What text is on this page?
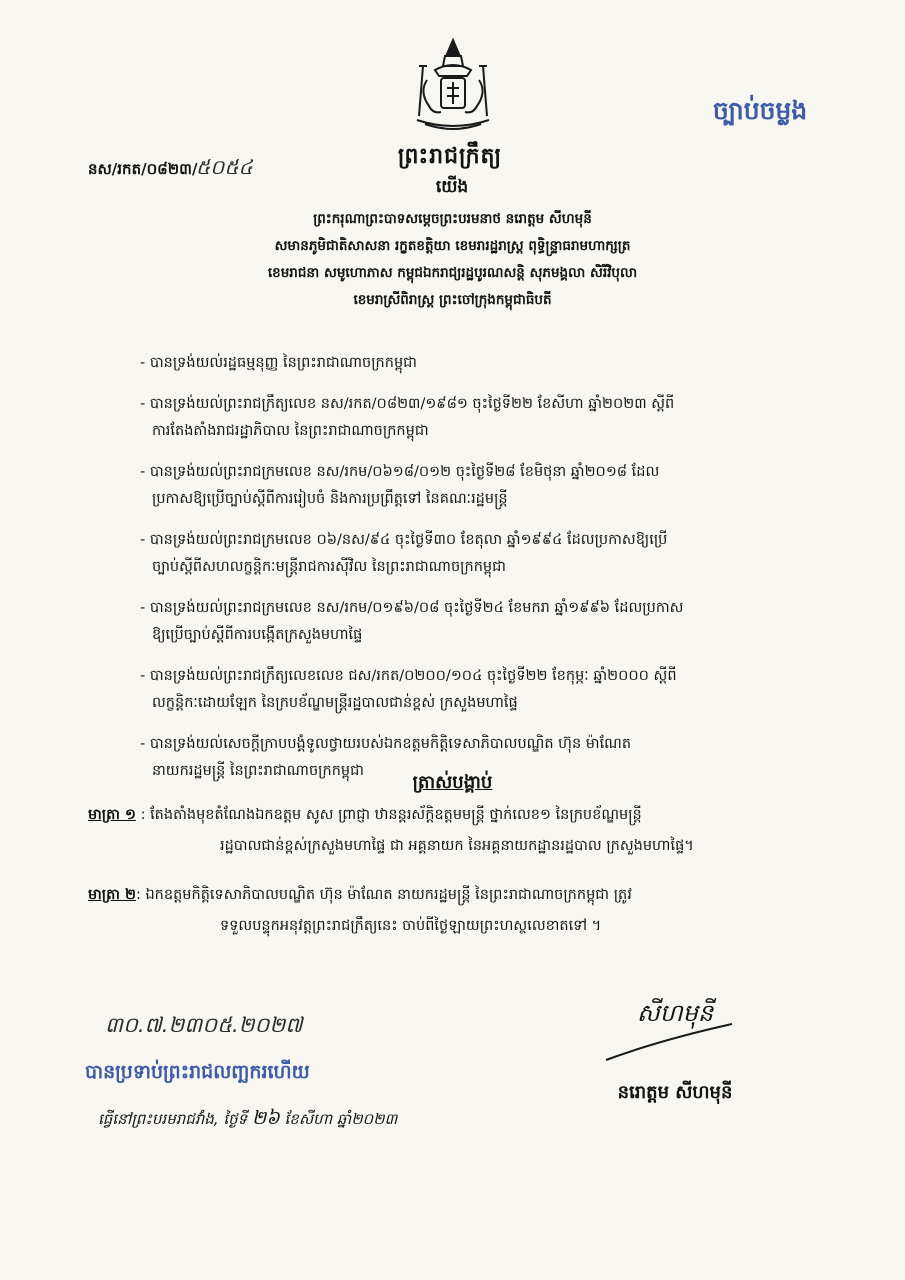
ច្បាប់ចម្លង
ព្រះរាជក្រឹត្យ
នស/រកត/០៨២៣/
៥០៥៤
យើង
ព្រះករុណាព្រះបាទសម្ដេចព្រះបរមនាថ នរោត្តម សីហមុនី
សមានភូមិជាតិសាសនា រក្ខតខត្តិយា ខេមរារដ្ឋរាស្ត្រ ពុទ្ធិន្ទ្រាធរាមហាក្សត្រ
ខេមរាជនា សមូហោភាស កម្ពុជឯករាជ្យរដ្ឋបូរណសន្តិ សុភមង្គលា សិរីវិបុលា
ខេមរាស្រីពិរាស្ត្រ ព្រះចៅក្រុងកម្ពុជាធិបតី
- បានទ្រង់យល់រដ្ឋធម្មនុញ្ញ នៃព្រះរាជាណាចក្រកម្ពុជា
- បានទ្រង់យល់ព្រះរាជក្រឹត្យលេខ នស/រកត/០៨២៣/១៩៨១ ចុះថ្ងៃទី២២ ខែសីហា ឆ្នាំ២០២៣ ស្ដីពី
ការតែងតាំងរាជរដ្ឋាភិបាល នៃព្រះរាជាណាចក្រកម្ពុជា
- បានទ្រង់យល់ព្រះរាជក្រមលេខ នស/រកម/០៦១៨/០១២ ចុះថ្ងៃទី២៨ ខែមិថុនា ឆ្នាំ២០១៨ ដែល
ប្រកាសឱ្យប្រើច្បាប់ស្ដីពីការរៀបចំ និងការប្រព្រឹត្តទៅ នៃគណៈរដ្ឋមន្ត្រី
- បានទ្រង់យល់ព្រះរាជក្រមលេខ ០៦/នស/៩៤ ចុះថ្ងៃទី៣០ ខែតុលា ឆ្នាំ១៩៩៤ ដែលប្រកាសឱ្យប្រើ
ច្បាប់ស្ដីពីសហលក្ខន្តិកៈមន្ត្រីរាជការស៊ីវិល នៃព្រះរាជាណាចក្រកម្ពុជា
- បានទ្រង់យល់ព្រះរាជក្រមលេខ នស/រកម/០១៩៦/០៨ ចុះថ្ងៃទី២៤ ខែមករា ឆ្នាំ១៩៩៦ ដែលប្រកាស
ឱ្យប្រើច្បាប់ស្ដីពីការបង្កើតក្រសួងមហាផ្ទៃ
- បានទ្រង់យល់ព្រះរាជក្រឹត្យលេខលេខ ជស/រកត/០២០០/១០៤ ចុះថ្ងៃទី២២ ខែកុម្ភៈ ឆ្នាំ២០០០ ស្ដីពី
លក្ខន្តិកៈដោយឡែក នៃក្របខ័ណ្ឌមន្ត្រីរដ្ឋបាលជាន់ខ្ពស់ ក្រសួងមហាផ្ទៃ
- បានទ្រង់យល់សេចក្ដីក្រាបបង្គំទូលថ្វាយរបស់ឯកឧត្តមកិត្តិទេសាភិបាលបណ្ឌិត ហ៊ុន ម៉ាណែត
នាយករដ្ឋមន្ត្រី នៃព្រះរាជាណាចក្រកម្ពុជា
ត្រាស់បង្គាប់
មាត្រា ១ : តែងតាំងមុខតំណែងឯកឧត្តម សូស ព្រាជ្ញា ឋានន្តរស័ក្តិឧត្តមមន្ត្រី ថ្នាក់លេខ១ នៃក្របខ័ណ្ឌមន្ត្រី
រដ្ឋបាលជាន់ខ្ពស់ក្រសួងមហាផ្ទៃ ជា អគ្គនាយក នៃអគ្គនាយកដ្ឋានរដ្ឋបាល ក្រសួងមហាផ្ទៃ។
មាត្រា ២: ឯកឧត្តមកិត្តិទេសាភិបាលបណ្ឌិត ហ៊ុន ម៉ាណែត នាយករដ្ឋមន្ត្រី នៃព្រះរាជាណាចក្រកម្ពុជា ត្រូវ
ទទួលបន្ទុកអនុវត្តព្រះរាជក្រឹត្យនេះ ចាប់ពីថ្ងៃឡាយព្រះហស្ថលេខាតទៅ ។
៣០.៧.២៣០៥.២០២៧
បានប្រទាប់ព្រះរាជលញ្ឆករហើយ
ធ្វើនៅព្រះបរមរាជវាំង, ថ្ងៃទី ២៦ ខែសីហា ឆ្នាំ២០២៣
សីហមុនី
នរោត្តម សីហមុនី
